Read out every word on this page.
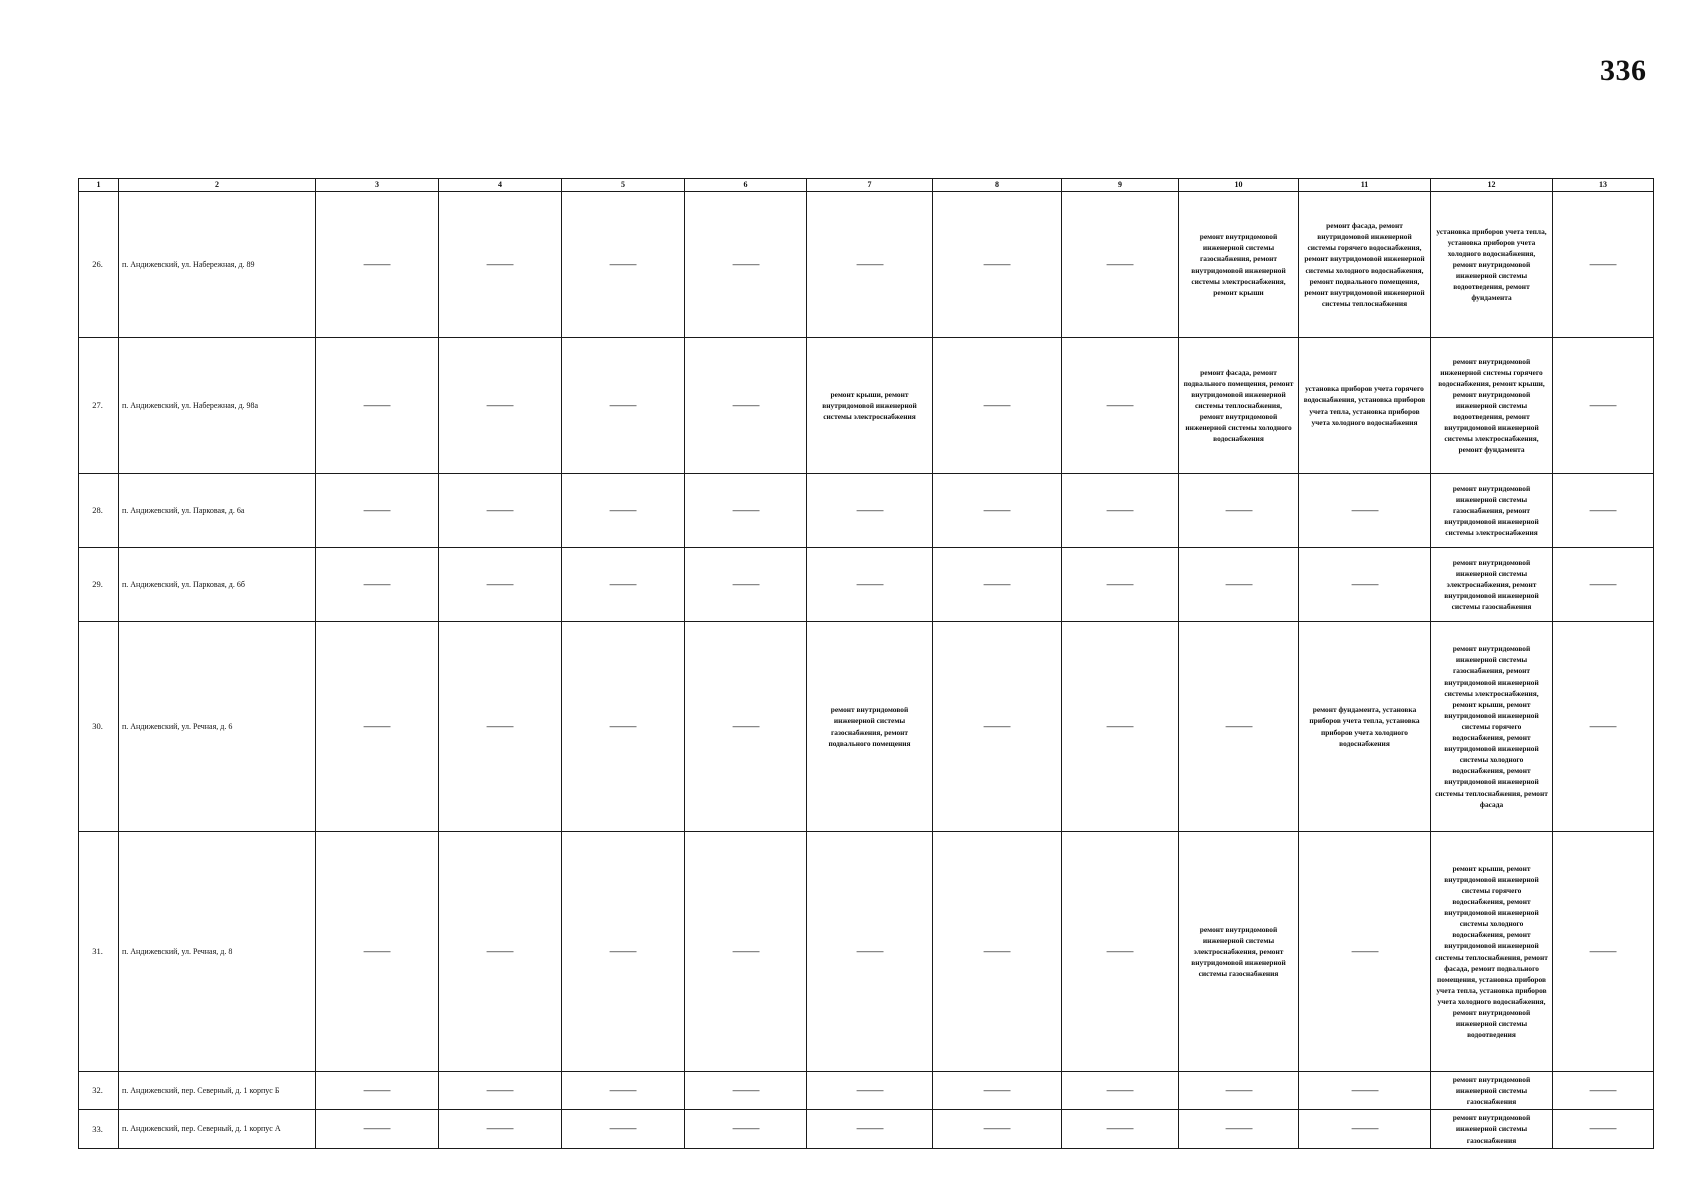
336
1	2	3	4	5	6	7	8	9	10	11	12	13
26.	п. Андижевский, ул. Набережная, д. 89	—	—	—	—	—	—	—	ремонт внутридомовой инженерной системы газоснабжения, ремонт внутридомовой инженерной системы электроснабжения, ремонт крыши	ремонт фасада, ремонт внутридомовой инженерной системы горячего водоснабжения, ремонт внутридомовой инженерной системы холодного водоснабжения, ремонт подвального помещения, ремонт внутридомовой инженерной системы теплоснабжения	установка приборов учета тепла, установка приборов учета холодного водоснабжения, ремонт внутридомовой инженерной системы водоотведения, ремонт фундамента	—
27.	п. Андижевский, ул. Набережная, д. 98а	—	—	—	—	ремонт крыши, ремонт внутридомовой инженерной системы электроснабжения	—	—	ремонт фасада, ремонт подвального помещения, ремонт внутридомовой инженерной системы теплоснабжения, ремонт внутридомовой инженерной системы холодного водоснабжения	установка приборов учета горячего водоснабжения, установка приборов учета тепла, установка приборов учета холодного водоснабжения	ремонт внутридомовой инженерной системы горячего водоснабжения, ремонт крыши, ремонт внутридомовой инженерной системы водоотведения, ремонт внутридомовой инженерной системы электроснабжения, ремонт фундамента	—
28.	п. Андижевский, ул. Парковая, д. 6а	—	—	—	—	—	—	—	—	—	ремонт внутридомовой инженерной системы газоснабжения, ремонт внутридомовой инженерной системы электроснабжения	—
29.	п. Андижевский, ул. Парковая, д. 6б	—	—	—	—	—	—	—	—	—	ремонт внутридомовой инженерной системы электроснабжения, ремонт внутридомовой инженерной системы газоснабжения	—
30.	п. Андижевский, ул. Речная, д. 6	—	—	—	—	ремонт внутридомовой инженерной системы газоснабжения, ремонт подвального помещения	—	—	—	ремонт фундамента, установка приборов учета тепла, установка приборов учета холодного водоснабжения	ремонт внутридомовой инженерной системы газоснабжения, ремонт внутридомовой инженерной системы электроснабжения, ремонт крыши, ремонт внутридомовой инженерной системы горячего водоснабжения, ремонт внутридомовой инженерной системы холодного водоснабжения, ремонт внутридомовой инженерной системы теплоснабжения, ремонт фасада	—
31.	п. Андижевский, ул. Речная, д. 8	—	—	—	—	—	—	—	ремонт внутридомовой инженерной системы электроснабжения, ремонт внутридомовой инженерной системы газоснабжения	—	ремонт крыши, ремонт внутридомовой инженерной системы горячего водоснабжения, ремонт внутридомовой инженерной системы холодного водоснабжения, ремонт внутридомовой инженерной системы теплоснабжения, ремонт фасада, ремонт подвального помещения, установка приборов учета тепла, установка приборов учета холодного водоснабжения, ремонт внутридомовой инженерной системы водоотведения	—
32.	п. Андижевский, пер. Северный, д. 1 корпус Б	—	—	—	—	—	—	—	—	—	ремонт внутридомовой инженерной системы газоснабжения	—
33.	п. Андижевский, пер. Северный, д. 1 корпус А	—	—	—	—	—	—	—	—	—	ремонт внутридомовой инженерной системы газоснабжения	—
